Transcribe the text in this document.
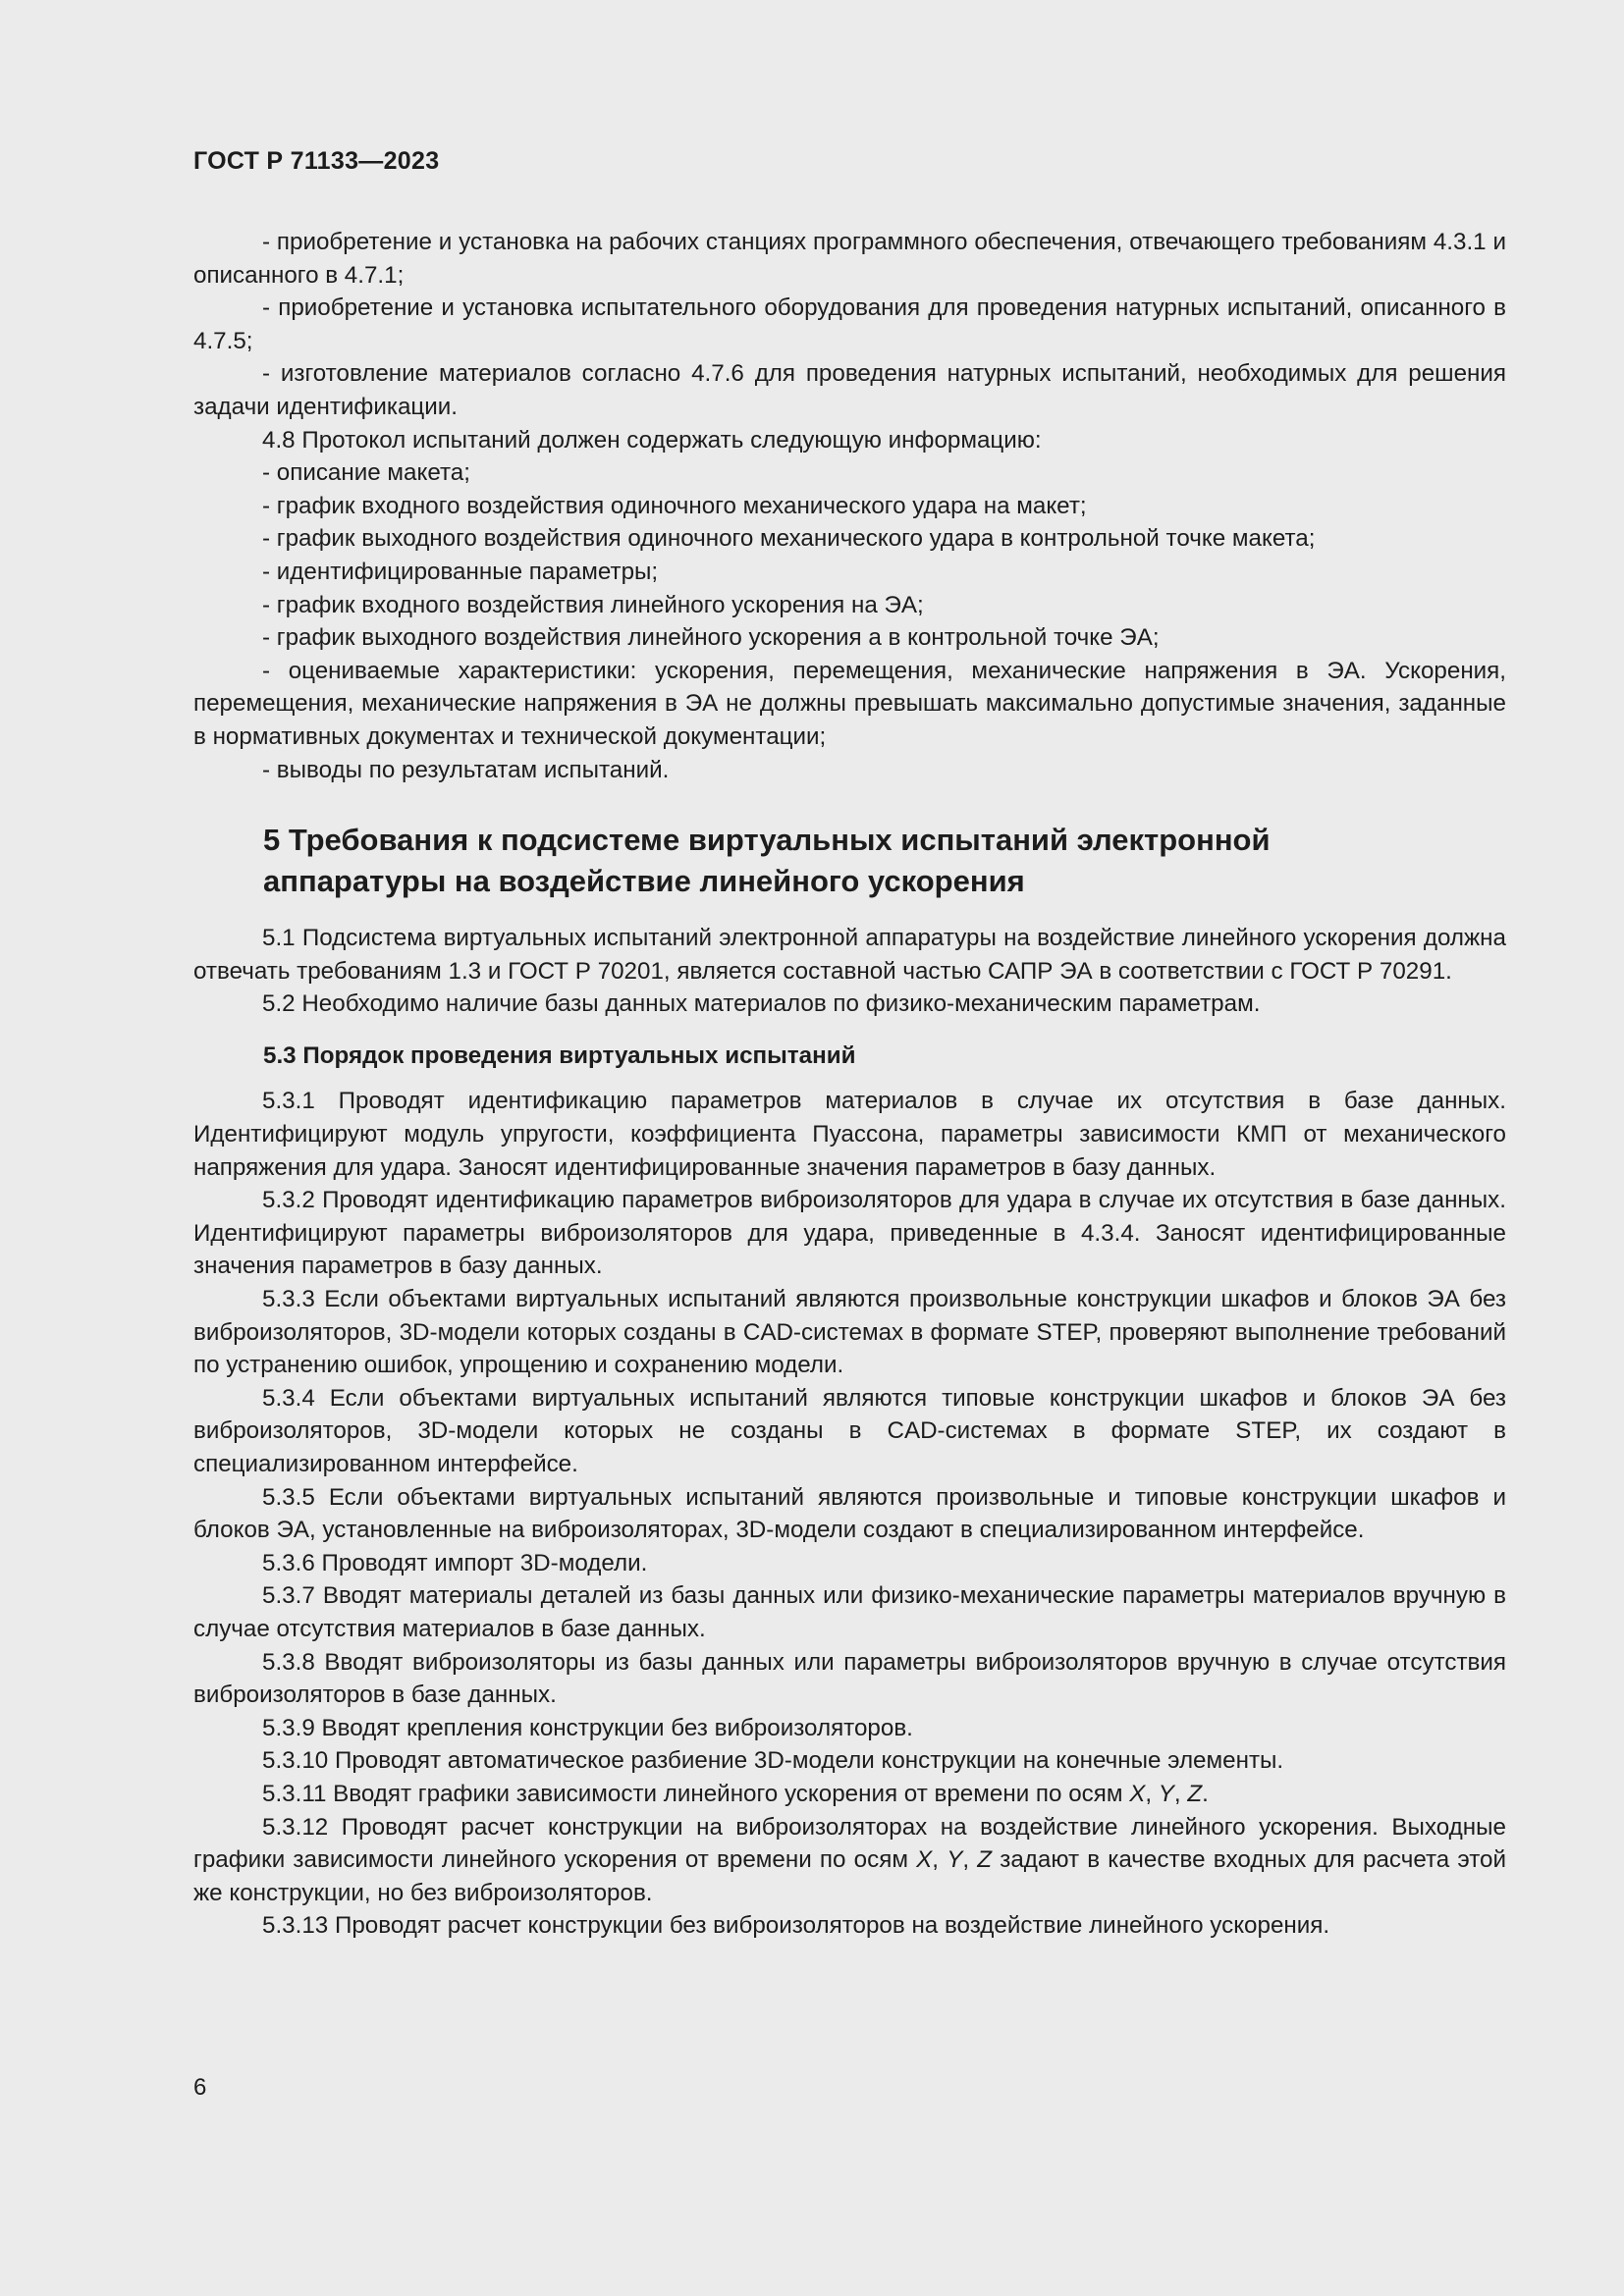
ГОСТ Р 71133—2023

- приобретение и установка на рабочих станциях программного обеспечения, отвечающего требованиям 4.3.1 и описанного в 4.7.1;

- приобретение и установка испытательного оборудования для проведения натурных испытаний, описанного в 4.7.5;

- изготовление материалов согласно 4.7.6 для проведения натурных испытаний, необходимых для решения задачи идентификации.

4.8 Протокол испытаний должен содержать следующую информацию:

- описание макета;

- график входного воздействия одиночного механического удара на макет;

- график выходного воздействия одиночного механического удара в контрольной точке макета;

- идентифицированные параметры;

- график входного воздействия линейного ускорения на ЭА;

- график выходного воздействия линейного ускорения а в контрольной точке ЭА;

- оцениваемые характеристики: ускорения, перемещения, механические напряжения в ЭА. Ускорения, перемещения, механические напряжения в ЭА не должны превышать максимально допустимые значения, заданные в нормативных документах и технической документации;

- выводы по результатам испытаний.

5 Требования к подсистеме виртуальных испытаний электронной
аппаратуры на воздействие линейного ускорения

5.1 Подсистема виртуальных испытаний электронной аппаратуры на воздействие линейного ускорения должна отвечать требованиям 1.3 и ГОСТ Р 70201, является составной частью САПР ЭА в соответствии с ГОСТ Р 70291.

5.2 Необходимо наличие базы данных материалов по физико-механическим параметрам.

5.3 Порядок проведения виртуальных испытаний

5.3.1 Проводят идентификацию параметров материалов в случае их отсутствия в базе данных. Идентифицируют модуль упругости, коэффициента Пуассона, параметры зависимости КМП от механического напряжения для удара. Заносят идентифицированные значения параметров в базу данных.

5.3.2 Проводят идентификацию параметров виброизоляторов для удара в случае их отсутствия в базе данных. Идентифицируют параметры виброизоляторов для удара, приведенные в 4.3.4. Заносят идентифицированные значения параметров в базу данных.

5.3.3 Если объектами виртуальных испытаний являются произвольные конструкции шкафов и блоков ЭА без виброизоляторов, 3D-модели которых созданы в CAD-системах в формате STEP, проверяют выполнение требований по устранению ошибок, упрощению и сохранению модели.

5.3.4 Если объектами виртуальных испытаний являются типовые конструкции шкафов и блоков ЭА без виброизоляторов, 3D-модели которых не созданы в CAD-системах в формате STEP, их создают в специализированном интерфейсе.

5.3.5 Если объектами виртуальных испытаний являются произвольные и типовые конструкции шкафов и блоков ЭА, установленные на виброизоляторах, 3D-модели создают в специализированном интерфейсе.

5.3.6 Проводят импорт 3D-модели.

5.3.7 Вводят материалы деталей из базы данных или физико-механические параметры материалов вручную в случае отсутствия материалов в базе данных.

5.3.8 Вводят виброизоляторы из базы данных или параметры виброизоляторов вручную в случае отсутствия виброизоляторов в базе данных.

5.3.9 Вводят крепления конструкции без виброизоляторов.

5.3.10 Проводят автоматическое разбиение 3D-модели конструкции на конечные элементы.

5.3.11 Вводят графики зависимости линейного ускорения от времени по осям X, Y, Z.

5.3.12 Проводят расчет конструкции на виброизоляторах на воздействие линейного ускорения. Выходные графики зависимости линейного ускорения от времени по осям X, Y, Z задают в качестве входных для расчета этой же конструкции, но без виброизоляторов.

5.3.13 Проводят расчет конструкции без виброизоляторов на воздействие линейного ускорения.

6
